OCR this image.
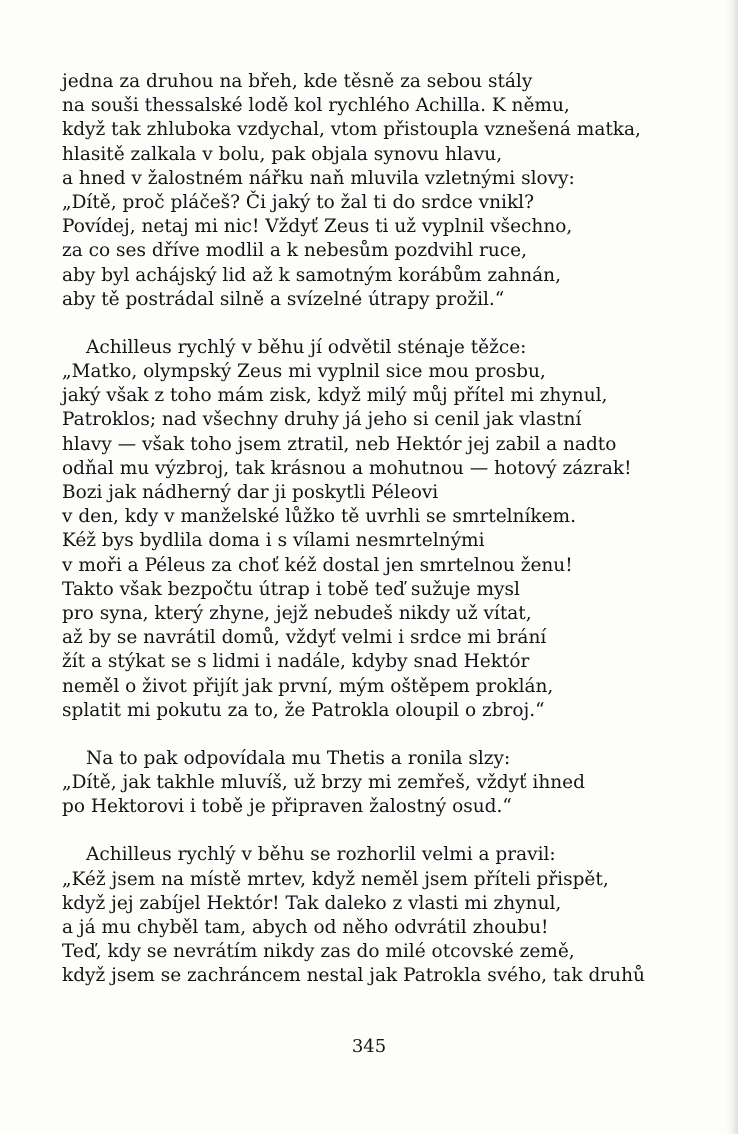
jedna za druhou na břeh, kde těsně za sebou stály
na souši thessalské lodě kol rychlého Achilla. K němu,
když tak zhluboka vzdychal, vtom přistoupla vznešená matka,
hlasitě zalkala v bolu, pak objala synovu hlavu,
a hned v žalostném nářku naň mluvila vzletnými slovy:
„Dítě, proč pláčeš? Či jaký to žal ti do srdce vnikl?
Povídej, netaj mi nic! Vždyť Zeus ti už vyplnil všechno,
za co ses dříve modlil a k nebesům pozdvihl ruce,
aby byl achájský lid až k samotným korábům zahnán,
aby tě postrádal silně a svízelné útrapy prožil.“
Achilleus rychlý v běhu jí odvětil sténaje těžce:
„Matko, olympský Zeus mi vyplnil sice mou prosbu,
jaký však z toho mám zisk, když milý můj přítel mi zhynul,
Patroklos; nad všechny druhy já jeho si cenil jak vlastní
hlavy — však toho jsem ztratil, neb Hektór jej zabil a nadto
odňal mu výzbroj, tak krásnou a mohutnou — hotový zázrak!
Bozi jak nádherný dar ji poskytli Péleovi
v den, kdy v manželské lůžko tě uvrhli se smrtelníkem.
Kéž bys bydlila doma i s vílami nesmrtelnými
v moři a Péleus za choť kéž dostal jen smrtelnou ženu!
Takto však bezpočtu útrap i tobě teď sužuje mysl
pro syna, který zhyne, jejž nebudeš nikdy už vítat,
až by se navrátil domů, vždyť velmi i srdce mi brání
žít a stýkat se s lidmi i nadále, kdyby snad Hektór
neměl o život přijít jak první, mým oštěpem proklán,
splatit mi pokutu za to, že Patrokla oloupil o zbroj.“
Na to pak odpovídala mu Thetis a ronila slzy:
„Dítě, jak takhle mluvíš, už brzy mi zemřeš, vždyť ihned
po Hektorovi i tobě je připraven žalostný osud.“
Achilleus rychlý v běhu se rozhorlil velmi a pravil:
„Kéž jsem na místě mrtev, když neměl jsem příteli přispět,
když jej zabíjel Hektór! Tak daleko z vlasti mi zhynul,
a já mu chyběl tam, abych od něho odvrátil zhoubu!
Teď, kdy se nevrátím nikdy zas do milé otcovské země,
když jsem se zachráncem nestal jak Patrokla svého, tak druhů
345
